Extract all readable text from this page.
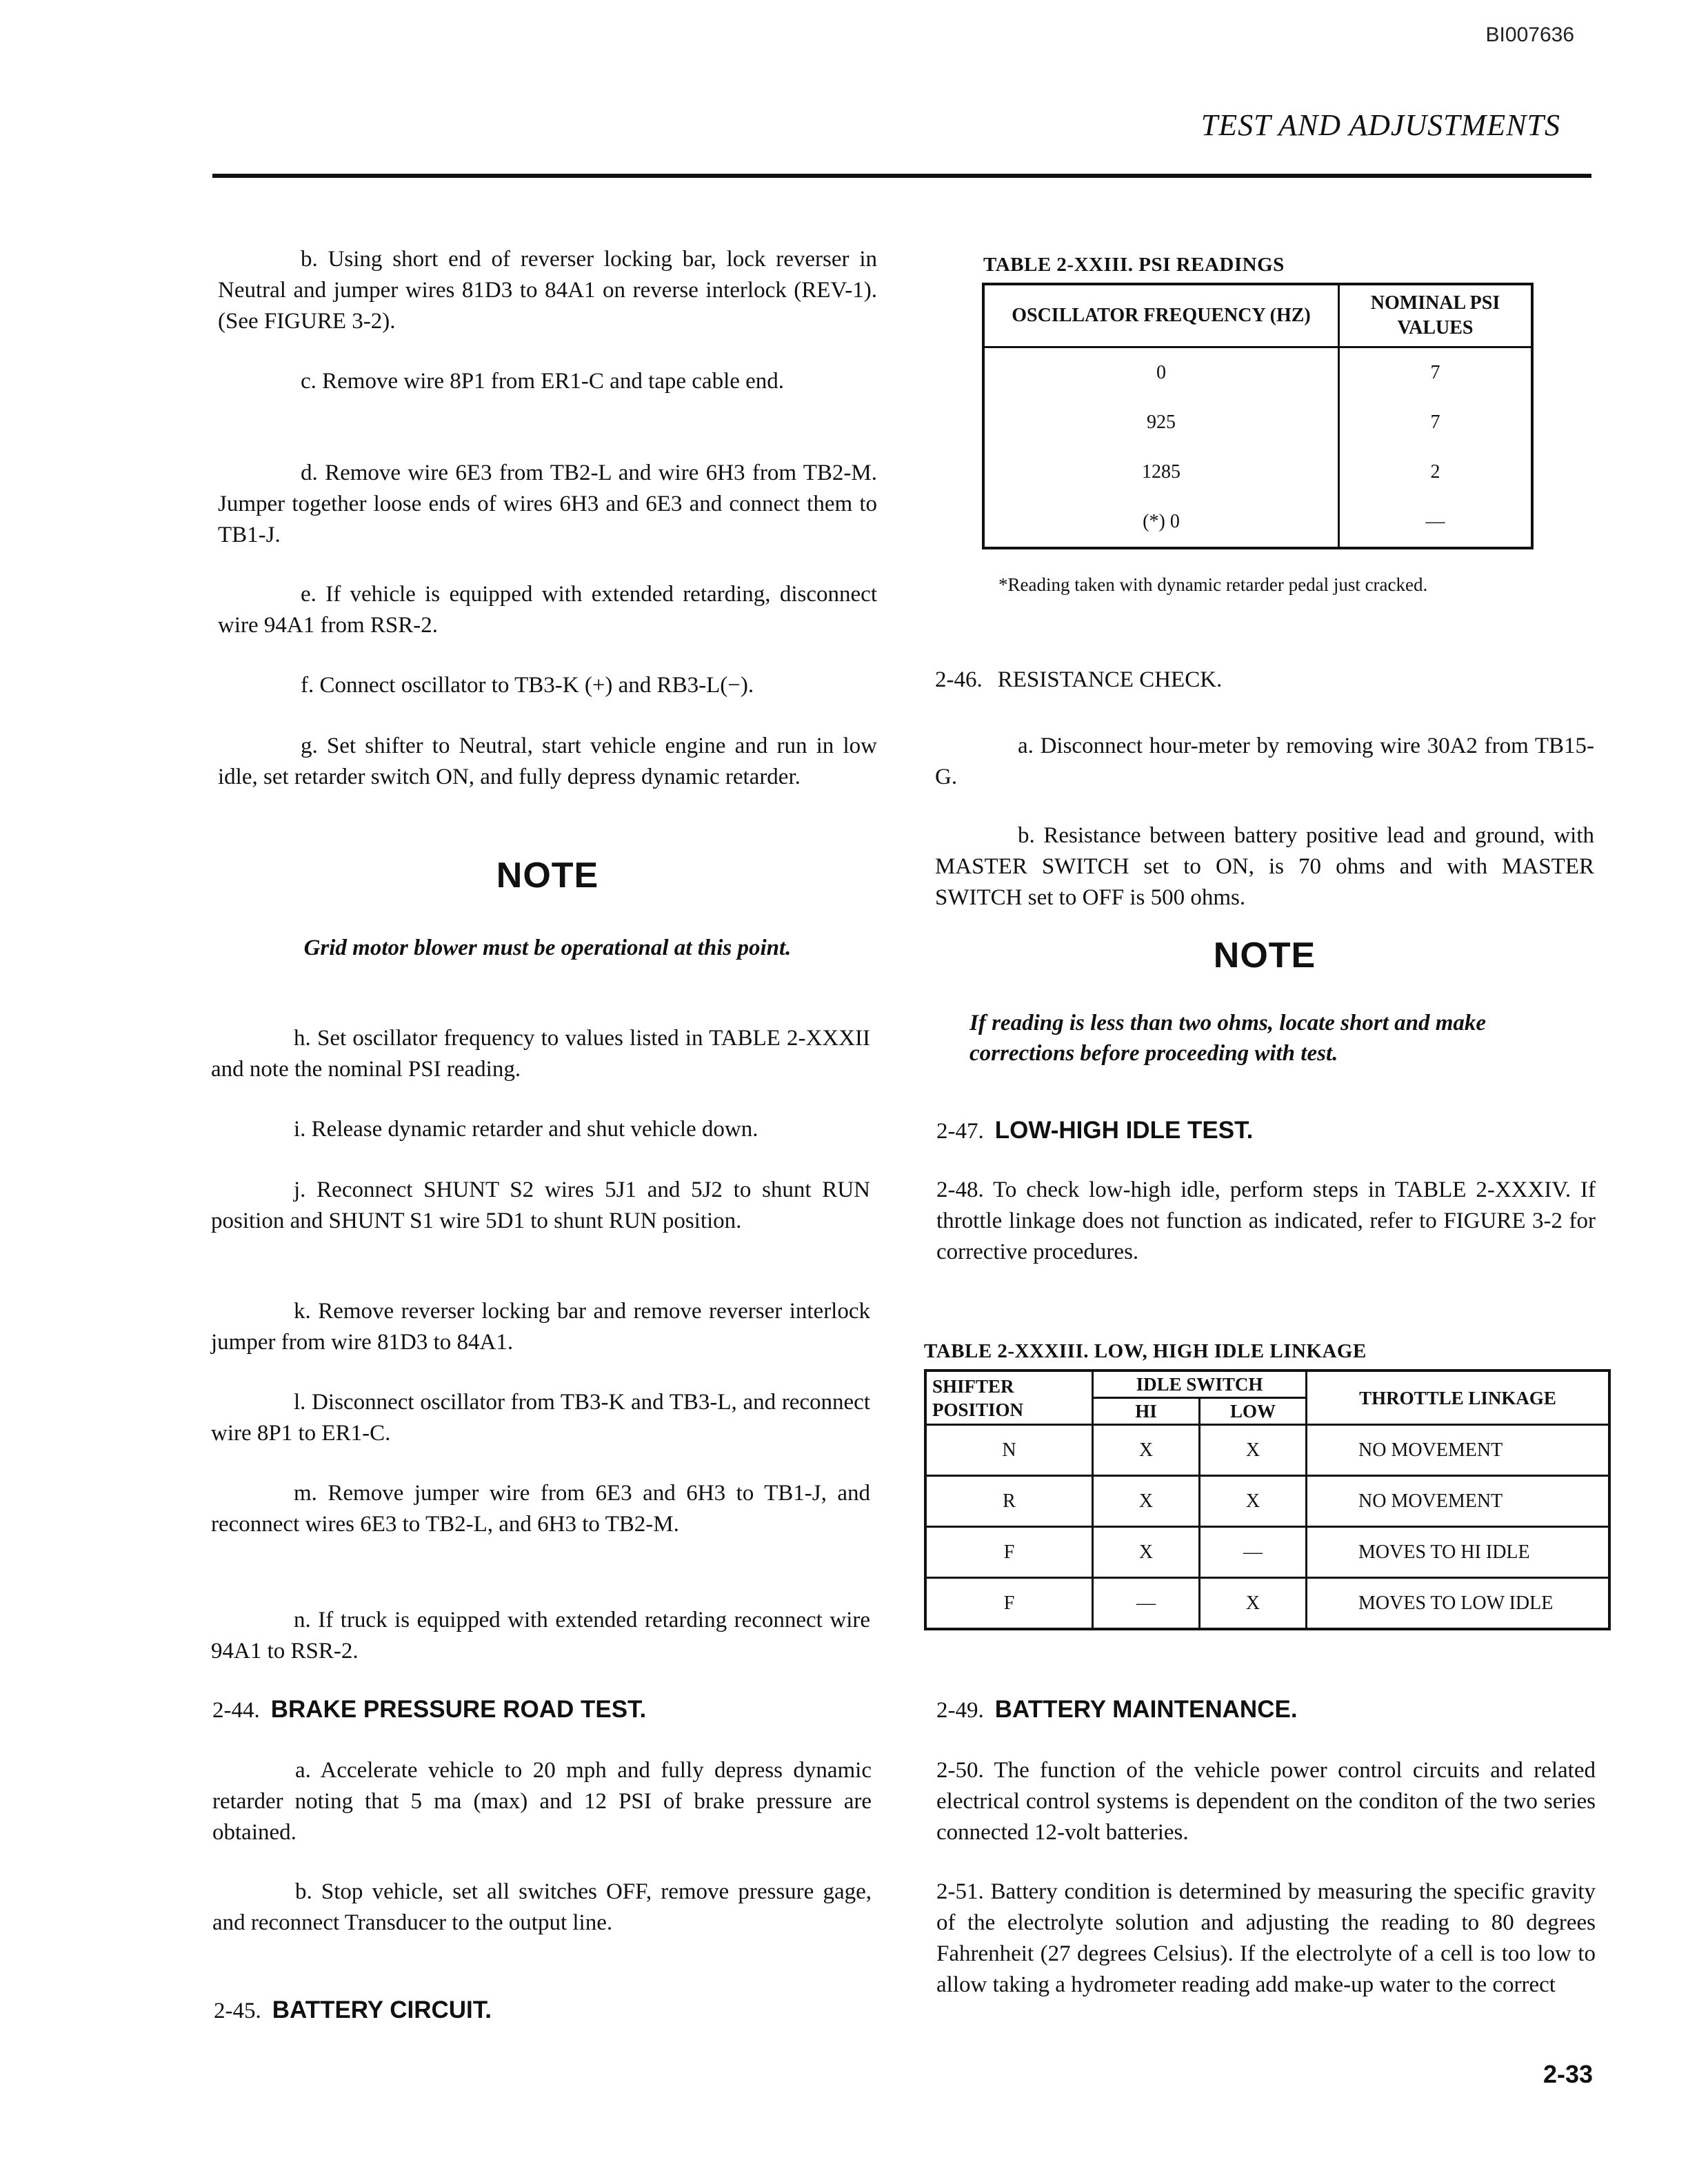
BI007636
TEST AND ADJUSTMENTS
b. Using short end of reverser locking bar, lock reverser in Neutral and jumper wires 81D3 to 84A1 on reverse interlock (REV-1). (See FIGURE 3-2).
c. Remove wire 8P1 from ER1-C and tape cable end.
d. Remove wire 6E3 from TB2-L and wire 6H3 from TB2-M. Jumper together loose ends of wires 6H3 and 6E3 and connect them to TB1-J.
e. If vehicle is equipped with extended retarding, disconnect wire 94A1 from RSR-2.
f. Connect oscillator to TB3-K (+) and RB3-L(−).
g. Set shifter to Neutral, start vehicle engine and run in low idle, set retarder switch ON, and fully depress dynamic retarder.
NOTE
Grid motor blower must be operational at this point.
h. Set oscillator frequency to values listed in TABLE 2-XXXII and note the nominal PSI reading.
i. Release dynamic retarder and shut vehicle down.
j. Reconnect SHUNT S2 wires 5J1 and 5J2 to shunt RUN position and SHUNT S1 wire 5D1 to shunt RUN position.
k. Remove reverser locking bar and remove reverser interlock jumper from wire 81D3 to 84A1.
l. Disconnect oscillator from TB3-K and TB3-L, and reconnect wire 8P1 to ER1-C.
m. Remove jumper wire from 6E3 and 6H3 to TB1-J, and reconnect wires 6E3 to TB2-L, and 6H3 to TB2-M.
n. If truck is equipped with extended retarding reconnect wire 94A1 to RSR-2.
2-44. BRAKE PRESSURE ROAD TEST.
a. Accelerate vehicle to 20 mph and fully depress dynamic retarder noting that 5 ma (max) and 12 PSI of brake pressure are obtained.
b. Stop vehicle, set all switches OFF, remove pressure gage, and reconnect Transducer to the output line.
2-45. BATTERY CIRCUIT.
TABLE 2-XXIII. PSI READINGS
OSCILLATOR FREQUENCY (HZ)	NOMINAL PSI VALUES
0	7
925	7
1285	2
(*) 0	—
*Reading taken with dynamic retarder pedal just cracked.
2-46. RESISTANCE CHECK.
a. Disconnect hour-meter by removing wire 30A2 from TB15-G.
b. Resistance between battery positive lead and ground, with MASTER SWITCH set to ON, is 70 ohms and with MASTER SWITCH set to OFF is 500 ohms.
NOTE
If reading is less than two ohms, locate short and make corrections before proceeding with test.
2-47. LOW-HIGH IDLE TEST.
2-48. To check low-high idle, perform steps in TABLE 2-XXXIV. If throttle linkage does not function as indicated, refer to FIGURE 3-2 for corrective procedures.
TABLE 2-XXXIII. LOW, HIGH IDLE LINKAGE
SHIFTER POSITION	IDLE SWITCH		THROTTLE LINKAGE
	HI	LOW	
N	X	X	NO MOVEMENT
R	X	X	NO MOVEMENT
F	X	—	MOVES TO HI IDLE
F	—	X	MOVES TO LOW IDLE
2-49. BATTERY MAINTENANCE.
2-50. The function of the vehicle power control circuits and related electrical control systems is dependent on the conditon of the two series connected 12-volt batteries.
2-51. Battery condition is determined by measuring the specific gravity of the electrolyte solution and adjusting the reading to 80 degrees Fahrenheit (27 degrees Celsius). If the electrolyte of a cell is too low to allow taking a hydrometer reading add make-up water to the correct
2-33
